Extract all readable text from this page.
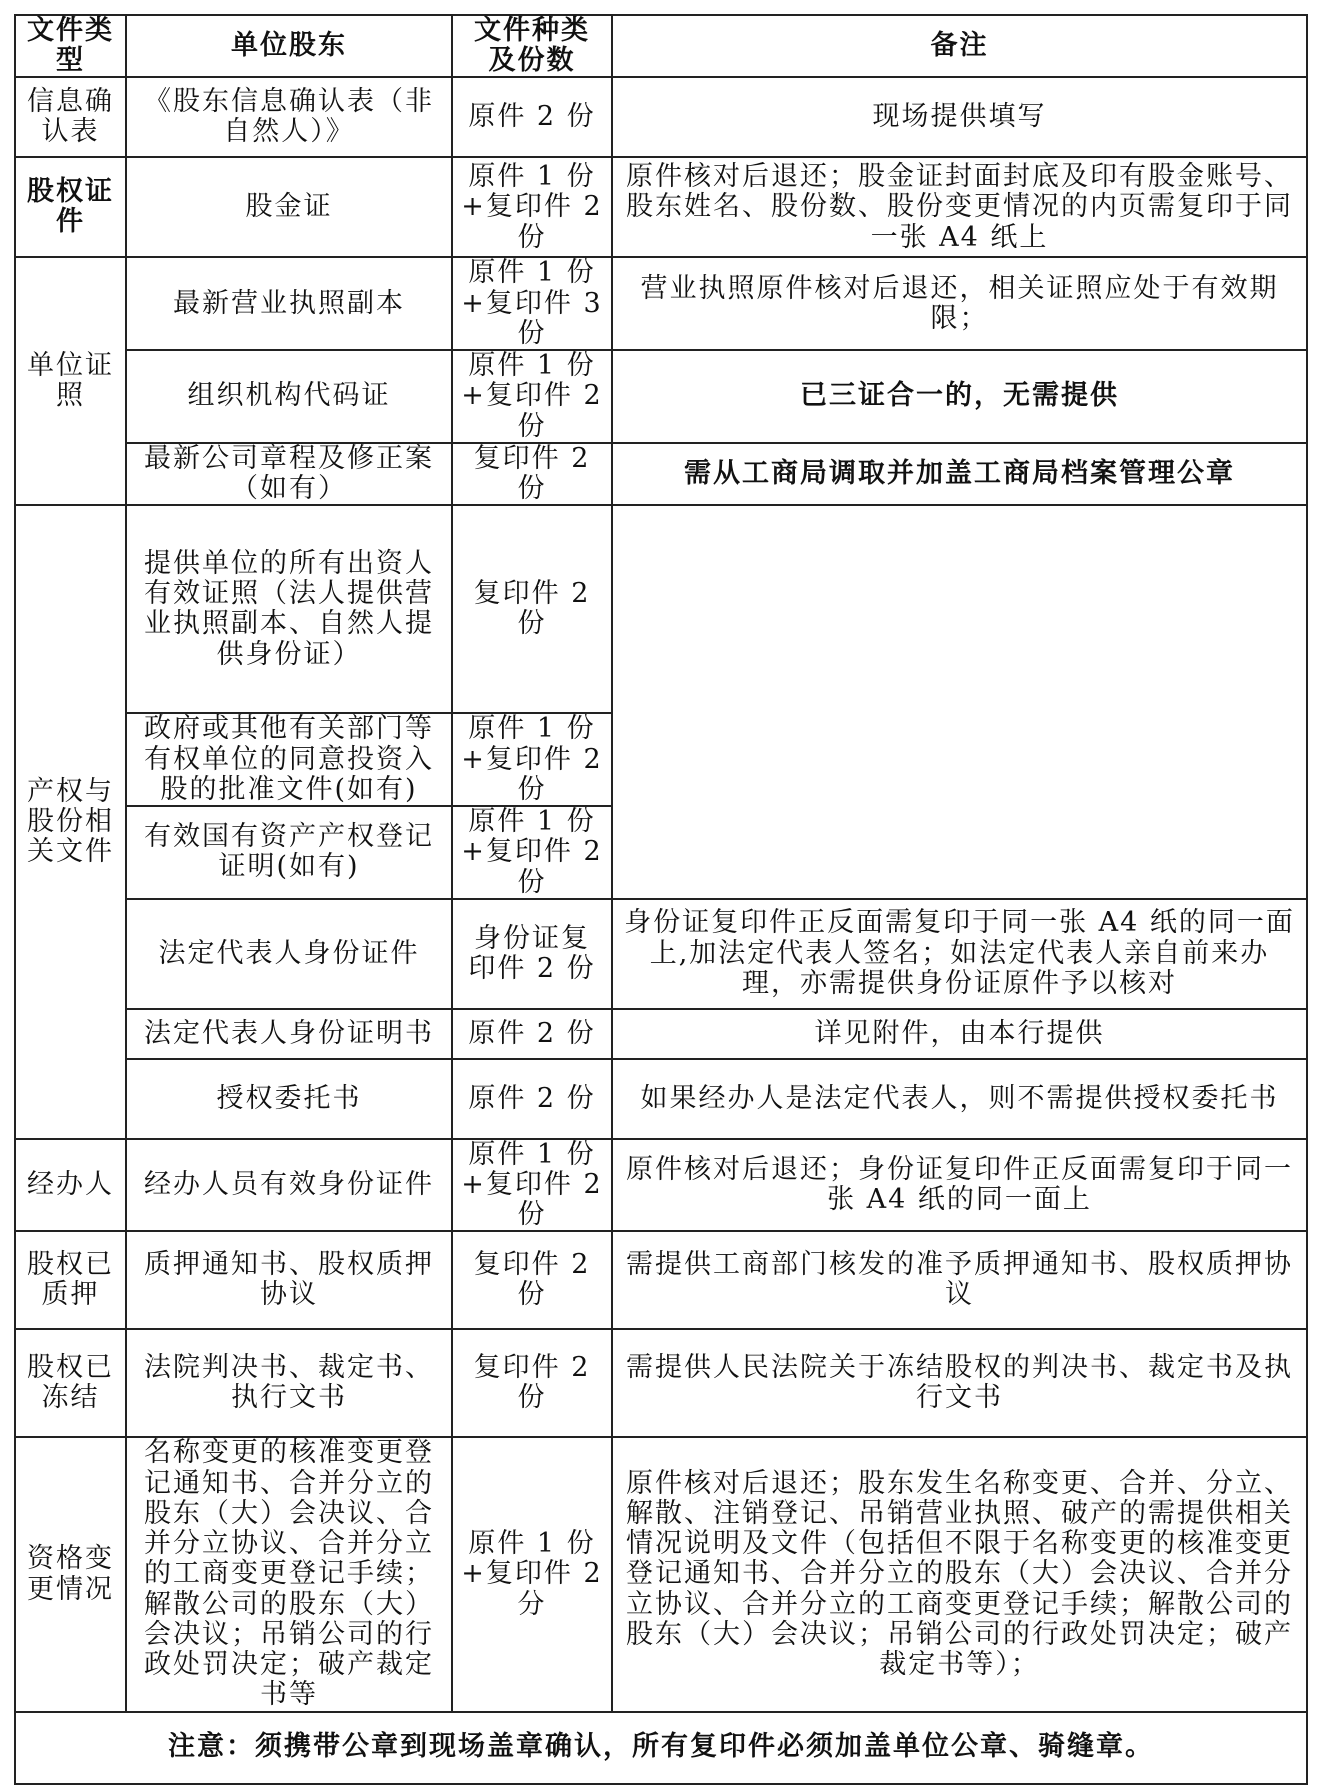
文件类型	单位股东	文件种类及份数	备注
信息确认表	《股东信息确认表（非自然人）》	原件 2 份	现场提供填写
股权证件	股金证	原件 1 份+复印件 2 份	原件核对后退还；股金证封面封底及印有股金账号、股东姓名、股份数、股份变更情况的内页需复印于同一张 A4 纸上
单位证照	最新营业执照副本	原件 1 份+复印件 3 份	营业执照原件核对后退还，相关证照应处于有效期限；
	组织机构代码证	原件 1 份+复印件 2 份	已三证合一的，无需提供
	最新公司章程及修正案（如有）	复印件 2 份	需从工商局调取并加盖工商局档案管理公章
产权与股份相关文件	提供单位的所有出资人有效证照（法人提供营业执照副本、自然人提供身份证）	复印件 2 份	
	政府或其他有关部门等有权单位的同意投资入股的批准文件(如有)	原件 1 份+复印件 2 份	
	有效国有资产产权登记证明(如有)	原件 1 份+复印件 2 份	
	法定代表人身份证件	身份证复印件 2 份	身份证复印件正反面需复印于同一张 A4 纸的同一面上,加法定代表人签名；如法定代表人亲自前来办理，亦需提供身份证原件予以核对
	法定代表人身份证明书	原件 2 份	详见附件，由本行提供
	授权委托书	原件 2 份	如果经办人是法定代表人，则不需提供授权委托书
经办人	经办人员有效身份证件	原件 1 份+复印件 2 份	原件核对后退还；身份证复印件正反面需复印于同一张 A4 纸的同一面上
股权已质押	质押通知书、股权质押协议	复印件 2 份	需提供工商部门核发的准予质押通知书、股权质押协议
股权已冻结	法院判决书、裁定书、执行文书	复印件 2 份	需提供人民法院关于冻结股权的判决书、裁定书及执行文书
资格变更情况	名称变更的核准变更登记通知书、合并分立的股东（大）会决议、合并分立协议、合并分立的工商变更登记手续；解散公司的股东（大）会决议；吊销公司的行政处罚决定；破产裁定书等	原件 1 份+复印件 2 分	原件核对后退还；股东发生名称变更、合并、分立、解散、注销登记、吊销营业执照、破产的需提供相关情况说明及文件（包括但不限于名称变更的核准变更登记通知书、合并分立的股东（大）会决议、合并分立协议、合并分立的工商变更登记手续；解散公司的股东（大）会决议；吊销公司的行政处罚决定；破产裁定书等）；
注意：须携带公章到现场盖章确认，所有复印件必须加盖单位公章、骑缝章。			
